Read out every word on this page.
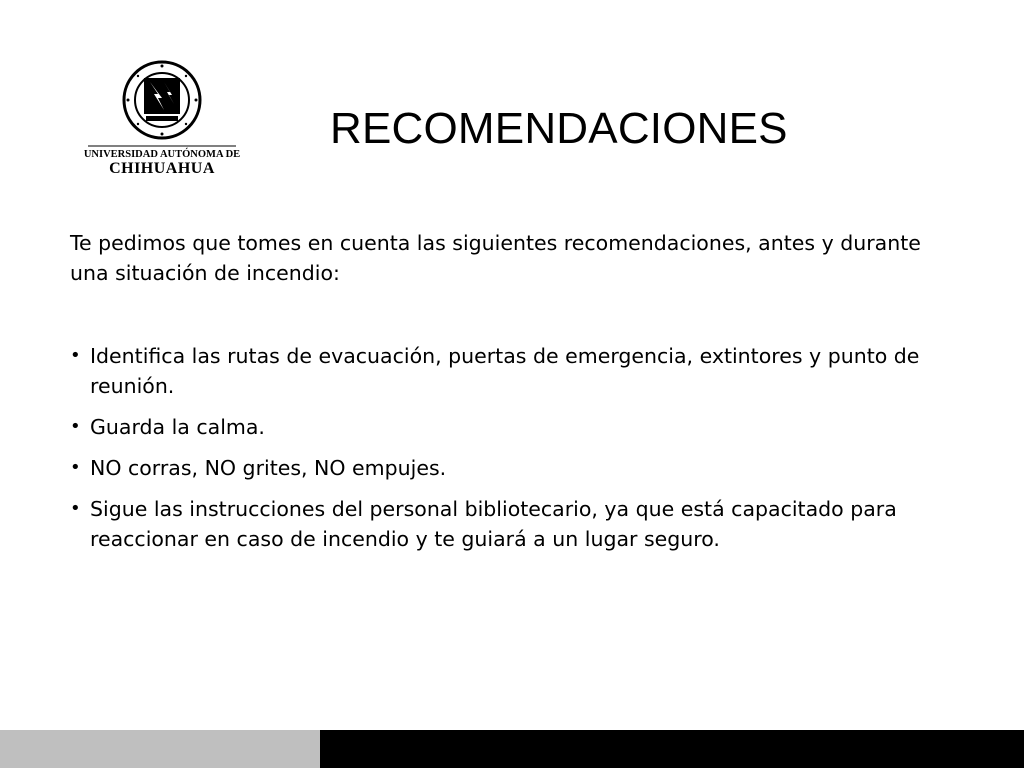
UNIVERSIDAD AUTÓNOMA DE
CHIHUAHUA
RECOMENDACIONES

Te pedimos que tomes en cuenta las siguientes recomendaciones, antes y durante una situación de incendio:

• Identifica las rutas de evacuación, puertas de emergencia, extintores y punto de reunión.
• Guarda la calma.
• NO corras, NO grites, NO empujes.
• Sigue las instrucciones del personal bibliotecario, ya que está capacitado para reaccionar en caso de incendio y te guiará a un lugar seguro.
